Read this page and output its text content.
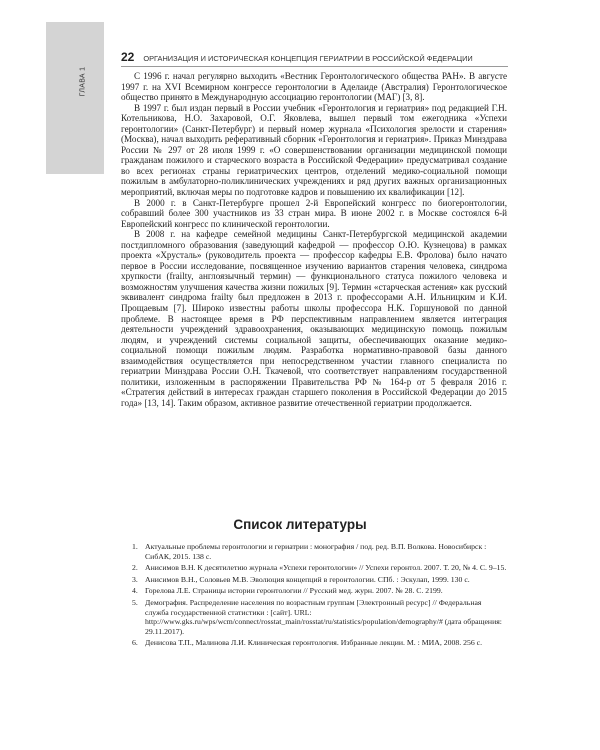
ГЛАВА 1
22 ОРГАНИЗАЦИЯ И ИСТОРИЧЕСКАЯ КОНЦЕПЦИЯ ГЕРИАТРИИ В РОССИЙСКОЙ ФЕДЕРАЦИИ

С 1996 г. начал регулярно выходить «Вестник Геронтологического общества РАН». В августе 1997 г. на XVI Всемирном конгрессе геронтологии в Аделаиде (Австралия) Геронтологическое общество принято в Международную ассоциацию геронтологии (МАГ) [3, 8].

В 1997 г. был издан первый в России учебник «Геронтология и гериатрия» под редакцией Г.Н. Котельникова, Н.О. Захаровой, О.Г. Яковлева, вышел первый том ежегодника «Успехи геронтологии» (Санкт-Петербург) и первый номер журнала «Психология зрелости и старения» (Москва), начал выходить реферативный сборник «Геронтология и гериатрия». Приказ Минздрава России № 297 от 28 июля 1999 г. «О совершенствовании организации медицинской помощи гражданам пожилого и старческого возраста в Российской Федерации» предусматривал создание во всех регионах страны гериатрических центров, отделений медико-социальной помощи пожилым в амбулаторно-поликлинических учреждениях и ряд других важных организационных мероприятий, включая меры по подготовке кадров и повышению их квалификации [12].

В 2000 г. в Санкт-Петербурге прошел 2-й Европейский конгресс по биогеронтологии, собравший более 300 участников из 33 стран мира. В июне 2002 г. в Москве состоялся 6-й Европейский конгресс по клинической геронтологии.

В 2008 г. на кафедре семейной медицины Санкт-Петербургской медицинской академии постдипломного образования (заведующий кафедрой — профессор О.Ю. Кузнецова) в рамках проекта «Хрусталь» (руководитель проекта — профессор кафедры Е.В. Фролова) было начато первое в России исследование, посвященное изучению вариантов старения человека, синдрома хрупкости (frailty, англоязычный термин) — функционального статуса пожилого человека и возможностям улучшения качества жизни пожилых [9]. Термин «старческая астения» как русский эквивалент синдрома frailty был предложен в 2013 г. профессорами А.Н. Ильницким и К.И. Прощаевым [7]. Широко известны работы школы профессора Н.К. Горшуновой по данной проблеме. В настоящее время в РФ перспективным направлением является интеграция деятельности учреждений здравоохранения, оказывающих медицинскую помощь пожилым людям, и учреждений системы социальной защиты, обеспечивающих оказание медико-социальной помощи пожилым людям. Разработка нормативно-правовой базы данного взаимодействия осуществляется при непосредственном участии главного специалиста по гериатрии Минздрава России О.Н. Ткачевой, что соответствует направлениям государственной политики, изложенным в распоряжении Правительства РФ № 164-р от 5 февраля 2016 г. «Стратегия действий в интересах граждан старшего поколения в Российской Федерации до 2015 года» [13, 14]. Таким образом, активное развитие отечественной гериатрии продолжается.

Список литературы
1. Актуальные проблемы геронтологии и гериатрии : монография / под. ред. В.П. Волкова. Новосибирск : СибАК, 2015. 138 с.
2. Анисимов В.Н. К десятилетию журнала «Успехи геронтологии» // Успехи геронтол. 2007. Т. 20, № 4. С. 9–15.
3. Анисимов В.Н., Соловьев М.В. Эволюция концепций в геронтологии. СПб. : Эскулап, 1999. 130 с.
4. Горелова Л.Е. Страницы истории геронтологии // Русский мед. журн. 2007. № 28. С. 2199.
5. Демография. Распределение населения по возрастным группам [Электронный ресурс] // Федеральная служба государственной статистики : [сайт]. URL: http://www.gks.ru/wps/wcm/connect/rosstat_main/rosstat/ru/statistics/population/demography/# (дата обращения: 29.11.2017).
6. Денисова Т.П., Малинова Л.И. Клиническая геронтология. Избранные лекции. М. : МИА, 2008. 256 с.
